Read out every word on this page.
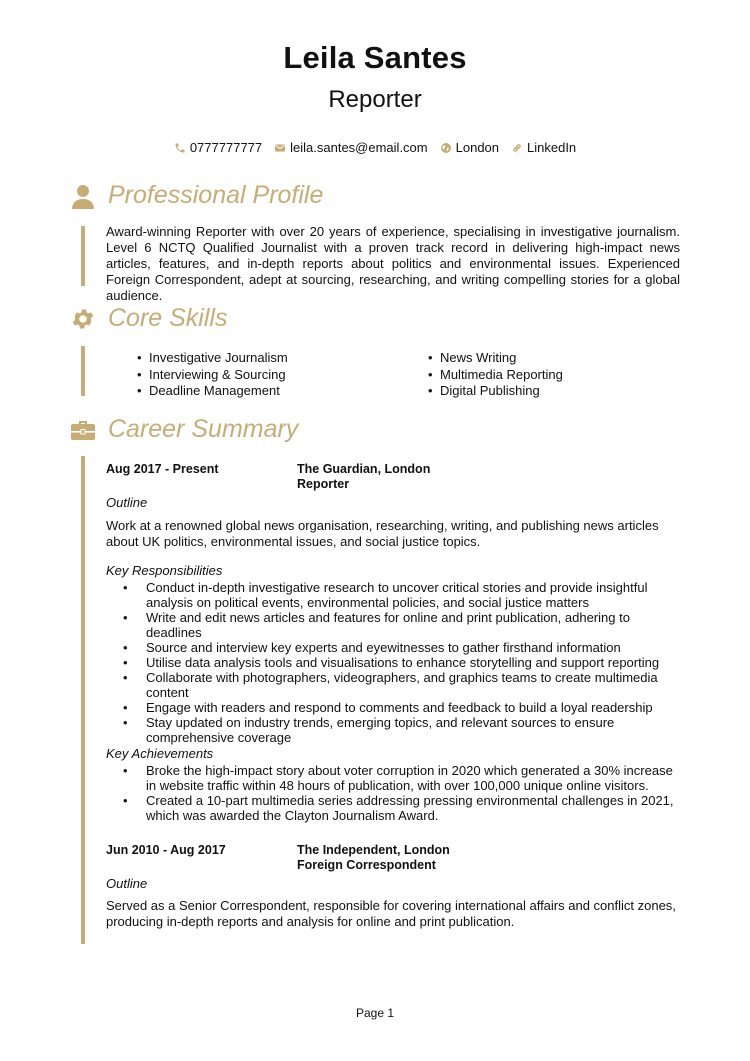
Leila Santes
Reporter
0777777777 leila.santes@email.com London LinkedIn
Professional Profile
Award-winning Reporter with over 20 years of experience, specialising in investigative journalism. Level 6 NCTQ Qualified Journalist with a proven track record in delivering high-impact news articles, features, and in-depth reports about politics and environmental issues. Experienced Foreign Correspondent, adept at sourcing, researching, and writing compelling stories for a global audience.
Core Skills
• Investigative Journalism
• Interviewing & Sourcing
• Deadline Management
• News Writing
• Multimedia Reporting
• Digital Publishing
Career Summary
Aug 2017 - Present	The Guardian, London
Reporter
Outline
Work at a renowned global news organisation, researching, writing, and publishing news articles about UK politics, environmental issues, and social justice topics.
Key Responsibilities
• Conduct in-depth investigative research to uncover critical stories and provide insightful analysis on political events, environmental policies, and social justice matters
• Write and edit news articles and features for online and print publication, adhering to deadlines
• Source and interview key experts and eyewitnesses to gather firsthand information
• Utilise data analysis tools and visualisations to enhance storytelling and support reporting
• Collaborate with photographers, videographers, and graphics teams to create multimedia content
• Engage with readers and respond to comments and feedback to build a loyal readership
• Stay updated on industry trends, emerging topics, and relevant sources to ensure comprehensive coverage
Key Achievements
• Broke the high-impact story about voter corruption in 2020 which generated a 30% increase in website traffic within 48 hours of publication, with over 100,000 unique online visitors.
• Created a 10-part multimedia series addressing pressing environmental challenges in 2021, which was awarded the Clayton Journalism Award.
Jun 2010 - Aug 2017	The Independent, London
Foreign Correspondent
Outline
Served as a Senior Correspondent, responsible for covering international affairs and conflict zones, producing in-depth reports and analysis for online and print publication.
Page 1
